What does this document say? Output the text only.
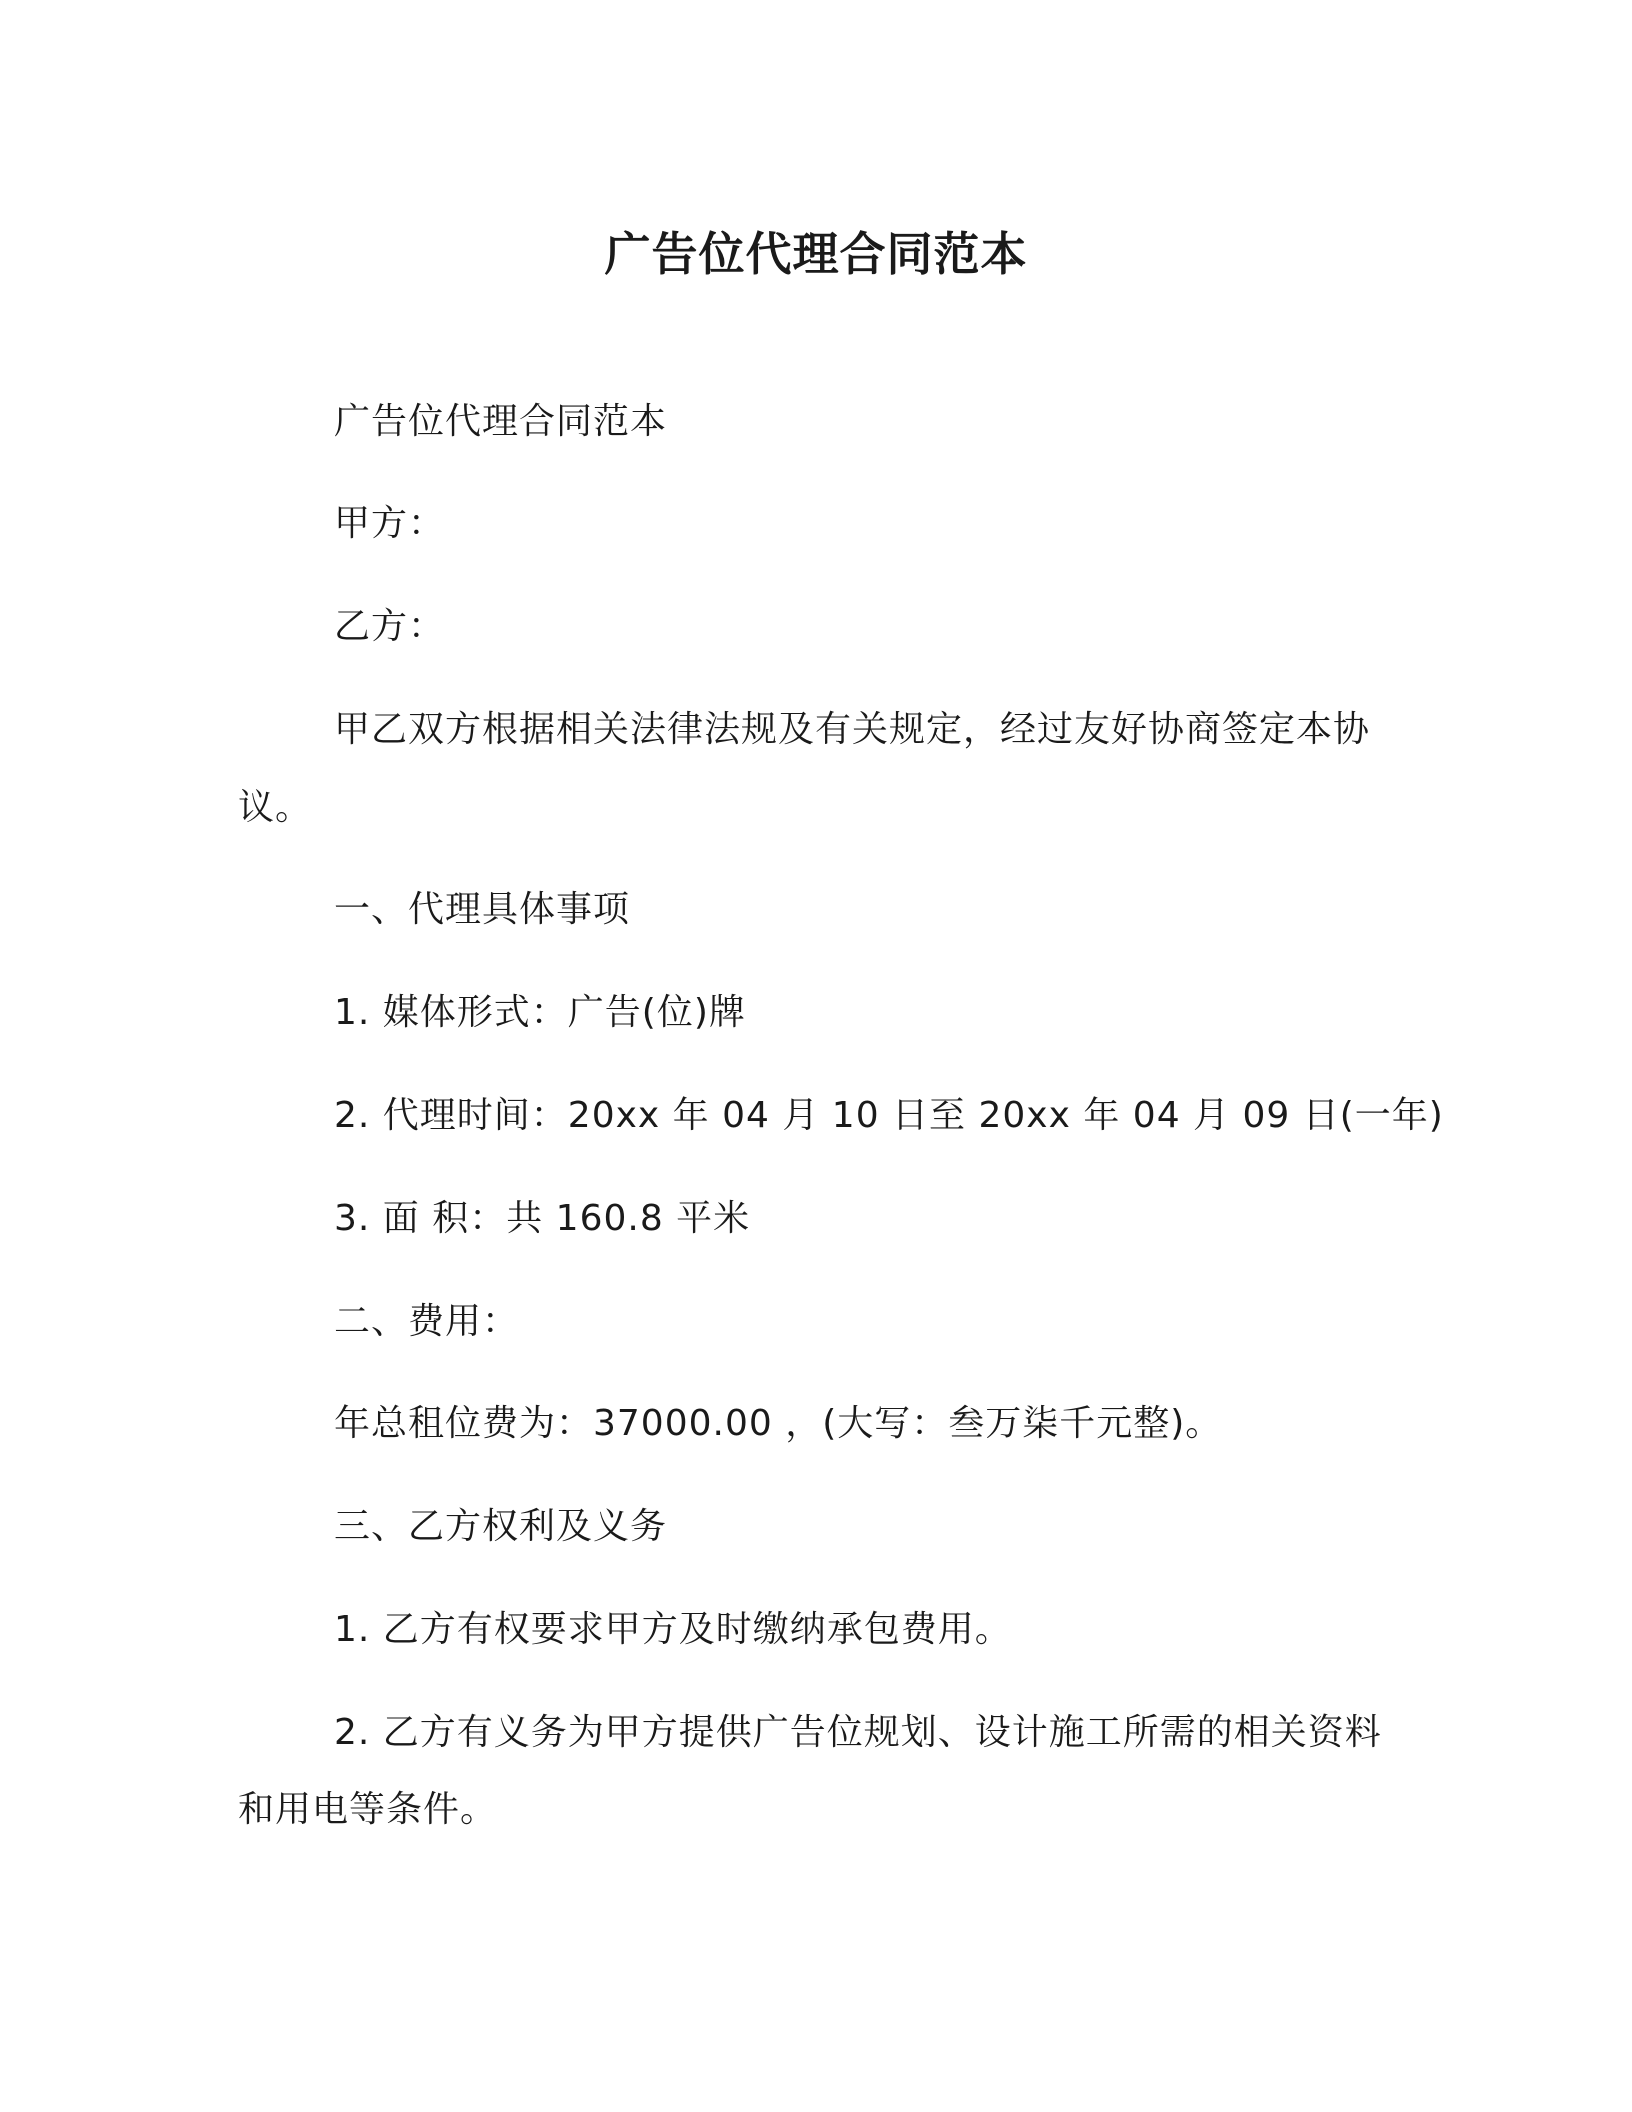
广告位代理合同范本
广告位代理合同范本
甲方：
乙方：
甲乙双方根据相关法律法规及有关规定，经过友好协商签定本协
议。
一、代理具体事项
1. 媒体形式：广告(位)牌
2. 代理时间：20xx 年 04 月 10 日至 20xx 年 04 月 09 日(一年)
3. 面 积：共 160.8 平米
二、费用：
年总租位费为：37000.00 ，(大写：叁万柒千元整)。
三、乙方权利及义务
1. 乙方有权要求甲方及时缴纳承包费用。
2. 乙方有义务为甲方提供广告位规划、设计施工所需的相关资料
和用电等条件。
